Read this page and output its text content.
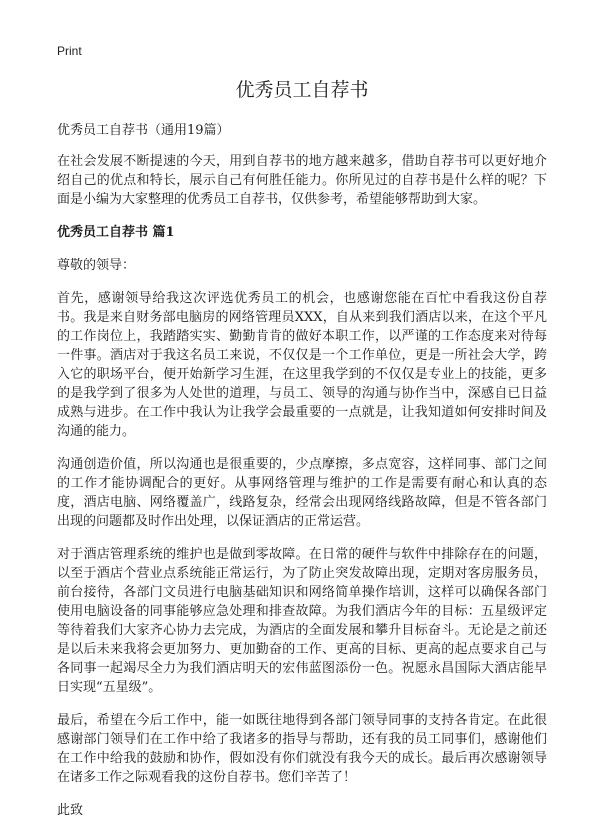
Print
优秀员工自荐书
优秀员工自荐书（通用19篇）

在社会发展不断提速的今天，用到自荐书的地方越来越多，借助自荐书可以更好地介绍自己的优点和特长，展示自己有何胜任能力。你所见过的自荐书是什么样的呢？下面是小编为大家整理的优秀员工自荐书，仅供参考，希望能够帮助到大家。

优秀员工自荐书 篇1
尊敬的领导：

首先，感谢领导给我这次评选优秀员工的机会，也感谢您能在百忙中看我这份自荐书。我是来自财务部电脑房的网络管理员XXX，自从来到我们酒店以来，在这个平凡的工作岗位上，我踏踏实实、勤勤肯肯的做好本职工作，以严谨的工作态度来对待每一件事。酒店对于我这名员工来说，不仅仅是一个工作单位，更是一所社会大学，跨入它的职场平台，便开始新学习生涯，在这里我学到的不仅仅是专业上的技能，更多的是我学到了很多为人处世的道理，与员工、领导的沟通与协作当中，深感自已日益成熟与进步。在工作中我认为让我学会最重要的一点就是，让我知道如何安排时间及沟通的能力。

沟通创造价值，所以沟通也是很重要的，少点摩擦，多点宽容，这样同事、部门之间的工作才能协调配合的更好。从事网络管理与维护的工作是需要有耐心和认真的态度，酒店电脑、网络覆盖广，线路复杂，经常会出现网络线路故障，但是不管各部门出现的问题都及时作出处理，以保证酒店的正常运营。

对于酒店管理系统的维护也是做到零故障。在日常的硬件与软件中排除存在的问题，以至于酒店个营业点系统能正常运行，为了防止突发故障出现，定期对客房服务员，前台接待，各部门文员进行电脑基础知识和网络简单操作培训，这样可以确保各部门使用电脑设备的同事能够应急处理和排查故障。为我们酒店今年的目标：五星级评定等待着我们大家齐心协力去完成，为酒店的全面发展和攀升目标奋斗。无论是之前还是以后未来我将会更加努力、更加勤奋的工作、更高的目标、更高的起点要求自己与各同事一起竭尽全力为我们酒店明天的宏伟蓝图添份一色。祝愿永昌国际大酒店能早日实现“五星级”。

最后，希望在今后工作中，能一如既往地得到各部门领导同事的支持各肯定。在此很感谢部门领导们在工作中给了我诸多的指导与帮助，还有我的员工同事们，感谢他们在工作中给我的鼓励和协作，假如没有你们就没有我今天的成长。最后再次感谢领导在诸多工作之际观看我的这份自荐书。您们辛苦了！

此致
